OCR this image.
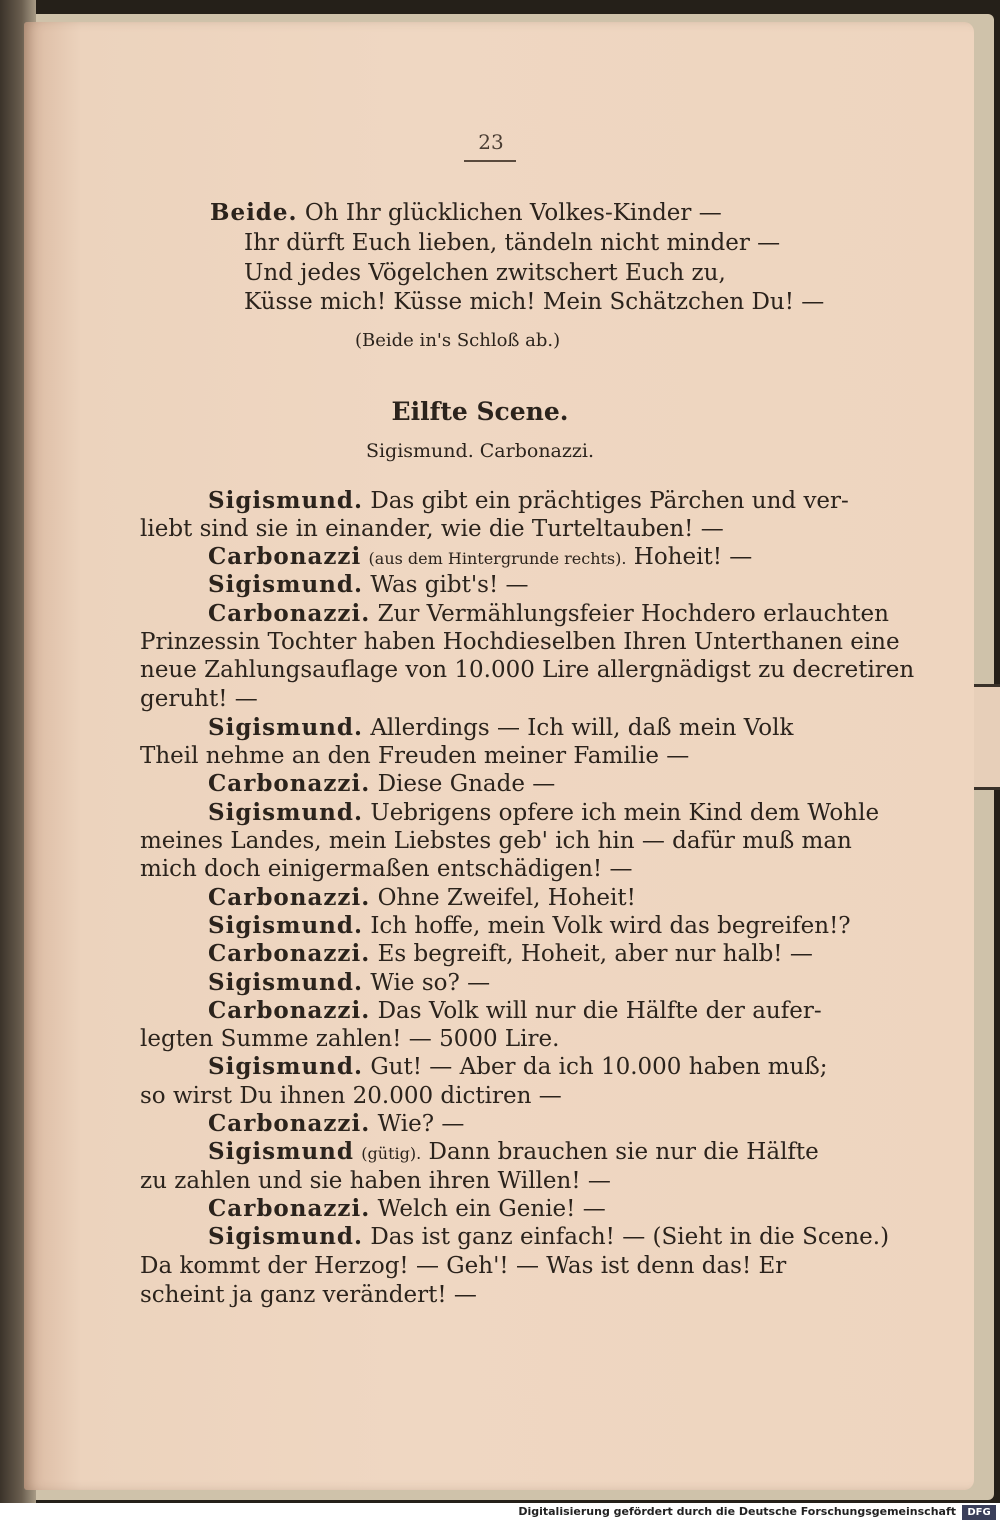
23
Beide. Oh Ihr glücklichen Volkes-Kinder —
Ihr dürft Euch lieben, tändeln nicht minder —
Und jedes Vögelchen zwitschert Euch zu,
Küsse mich! Küsse mich! Mein Schätzchen Du! —
(Beide in's Schloß ab.)
Eilfte Scene.
Sigismund. Carbonazzi.
Sigismund. Das gibt ein prächtiges Pärchen und ver-
liebt sind sie in einander, wie die Turteltauben! —
Carbonazzi (aus dem Hintergrunde rechts). Hoheit! —
Sigismund. Was gibt's! —
Carbonazzi. Zur Vermählungsfeier Hochdero erlauchten
Prinzessin Tochter haben Hochdieselben Ihren Unterthanen eine
neue Zahlungsauflage von 10.000 Lire allergnädigst zu decretiren
geruht! —
Sigismund. Allerdings — Ich will, daß mein Volk
Theil nehme an den Freuden meiner Familie —
Carbonazzi. Diese Gnade —
Sigismund. Uebrigens opfere ich mein Kind dem Wohle
meines Landes, mein Liebstes geb' ich hin — dafür muß man
mich doch einigermaßen entschädigen! —
Carbonazzi. Ohne Zweifel, Hoheit!
Sigismund. Ich hoffe, mein Volk wird das begreifen!?
Carbonazzi. Es begreift, Hoheit, aber nur halb! —
Sigismund. Wie so? —
Carbonazzi. Das Volk will nur die Hälfte der aufer-
legten Summe zahlen! — 5000 Lire.
Sigismund. Gut! — Aber da ich 10.000 haben muß;
so wirst Du ihnen 20.000 dictiren —
Carbonazzi. Wie? —
Sigismund (gütig). Dann brauchen sie nur die Hälfte
zu zahlen und sie haben ihren Willen! —
Carbonazzi. Welch ein Genie! —
Sigismund. Das ist ganz einfach! — (Sieht in die Scene.)
Da kommt der Herzog! — Geh'! — Was ist denn das! Er
scheint ja ganz verändert! —
Digitalisierung gefördert durch die Deutsche Forschungsgemeinschaft	DFG
